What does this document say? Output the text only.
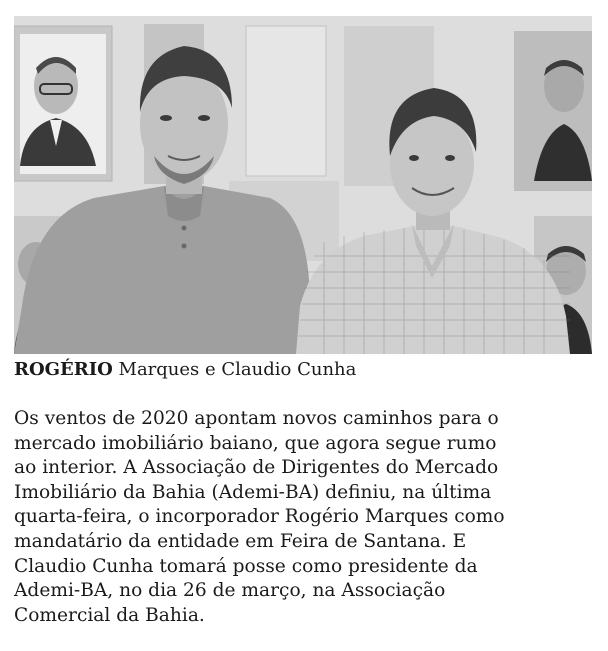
ROGÉRIO Marques e Claudio Cunha
Os ventos de 2020 apontam novos caminhos para o
mercado imobiliário baiano, que agora segue rumo
ao interior. A Associação de Dirigentes do Mercado
Imobiliário da Bahia (Ademi-BA) definiu, na última
quarta-feira, o incorporador Rogério Marques como
mandatário da entidade em Feira de Santana. E
Claudio Cunha tomará posse como presidente da
Ademi-BA, no dia 26 de março, na Associação
Comercial da Bahia.
